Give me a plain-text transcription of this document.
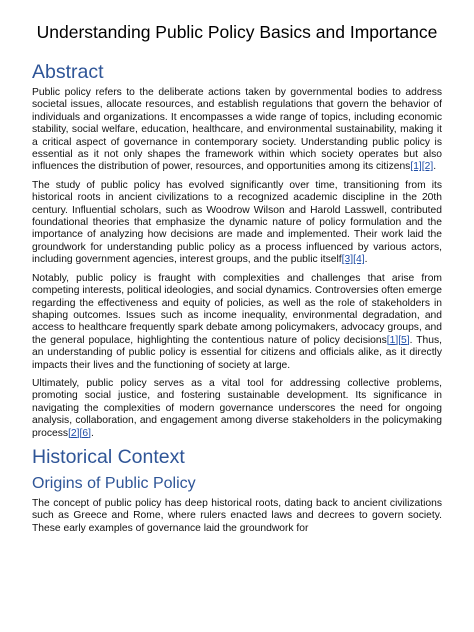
Understanding Public Policy Basics and Importance
Abstract

Public policy refers to the deliberate actions taken by governmental bodies to address societal issues, allocate resources, and establish regulations that govern the behavior of individuals and organizations. It encompasses a wide range of topics, including economic stability, social welfare, education, healthcare, and environmental sustainability, making it a critical aspect of governance in contemporary society. Understanding public policy is essential as it not only shapes the framework within which society operates but also influences the distribution of power, resources, and opportunities among its citizens[1][2].

The study of public policy has evolved significantly over time, transitioning from its historical roots in ancient civilizations to a recognized academic discipline in the 20th century. Influential scholars, such as Woodrow Wilson and Harold Lasswell, contributed foundational theories that emphasize the dynamic nature of policy formulation and the importance of analyzing how decisions are made and implemented. Their work laid the groundwork for understanding public policy as a process influenced by various actors, including government agencies, interest groups, and the public itself[3][4].

Notably, public policy is fraught with complexities and challenges that arise from competing interests, political ideologies, and social dynamics. Controversies often emerge regarding the effectiveness and equity of policies, as well as the role of stakeholders in shaping outcomes. Issues such as income inequality, environmental degradation, and access to healthcare frequently spark debate among policymakers, advocacy groups, and the general populace, highlighting the contentious nature of policy decisions[1][5]. Thus, an understanding of public policy is essential for citizens and officials alike, as it directly impacts their lives and the functioning of society at large.

Ultimately, public policy serves as a vital tool for addressing collective problems, promoting social justice, and fostering sustainable development. Its significance in navigating the complexities of modern governance underscores the need for ongoing analysis, collaboration, and engagement among diverse stakeholders in the policymaking process[2][6].

Historical Context
Origins of Public Policy

The concept of public policy has deep historical roots, dating back to ancient civilizations such as Greece and Rome, where rulers enacted laws and decrees to govern society. These early examples of governance laid the groundwork for
